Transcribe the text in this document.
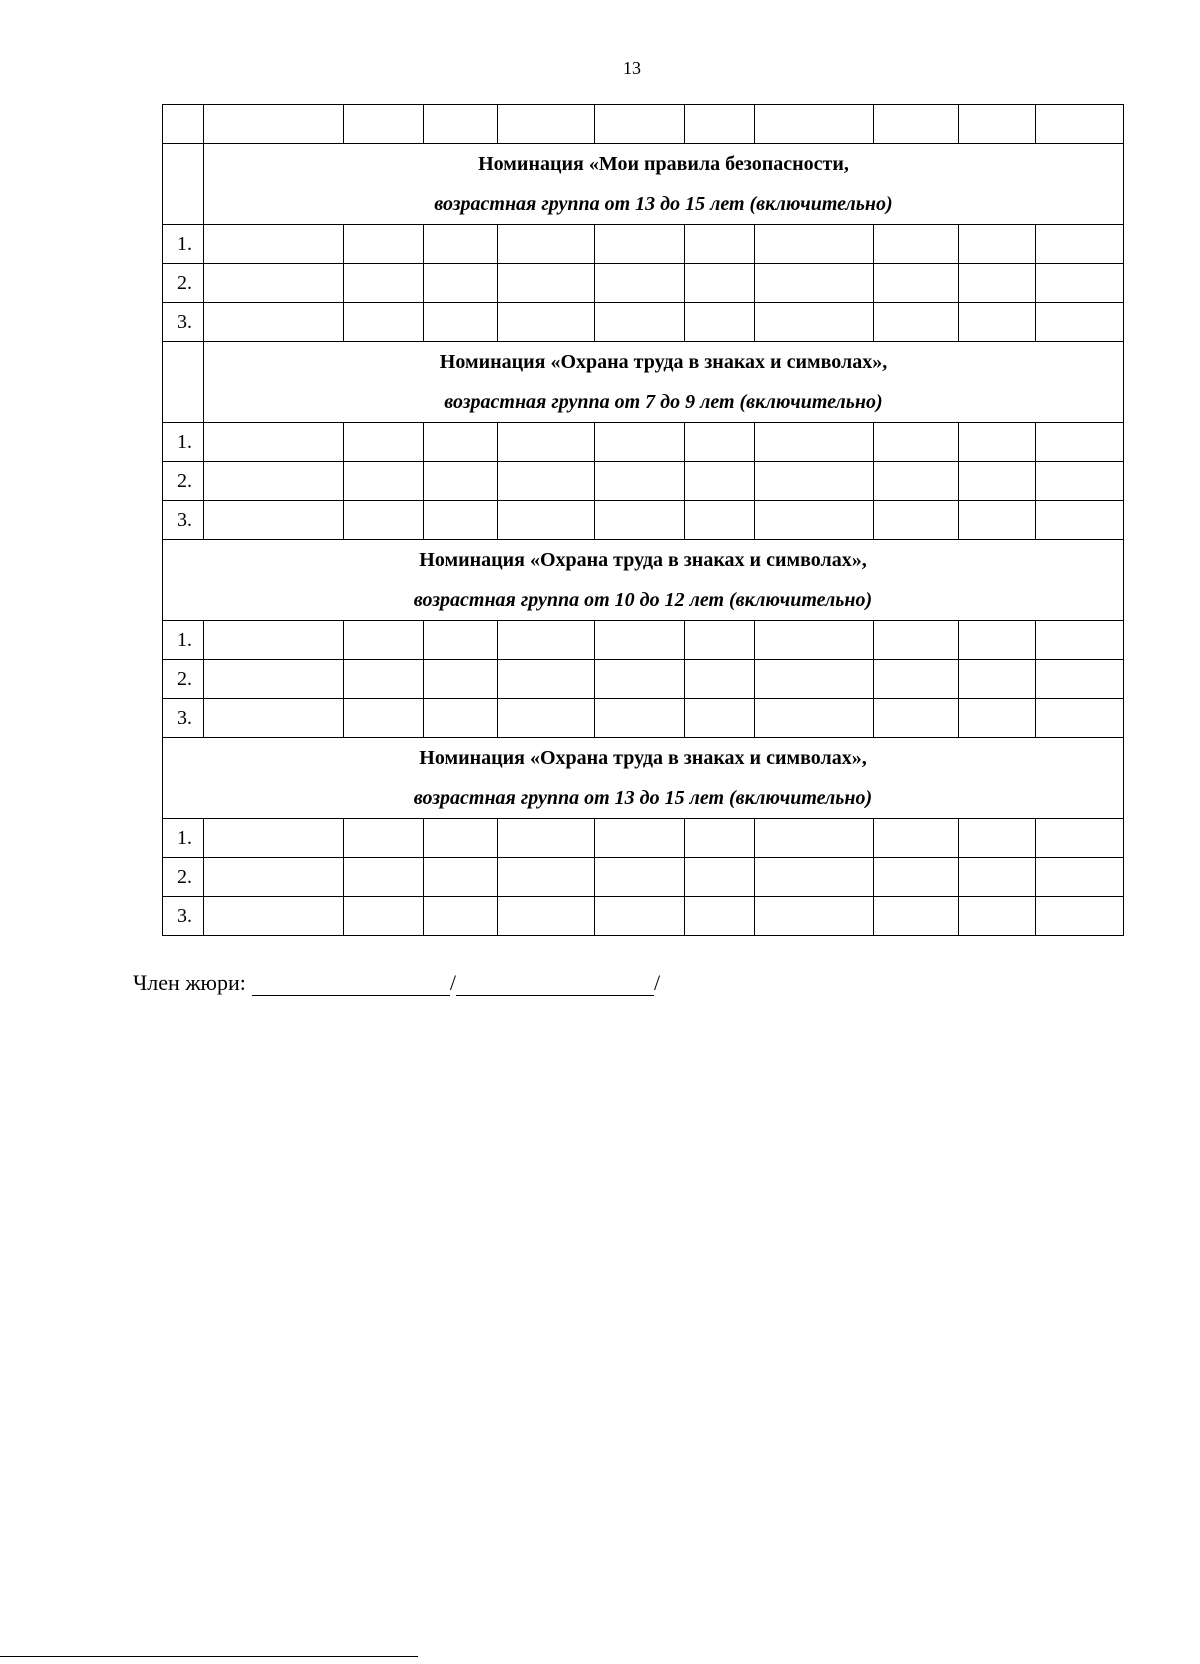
13

	Номинация «Мои правила безопасности,
возрастная группа от 13 до 15 лет (включительно)									

1.										
2.										
3.										

	Номинация «Охрана труда в знаках и символах»,
возрастная группа от 7 до 9 лет (включительно)									

1.										
2.										
3.										

Номинация «Охрана труда в знаках и символах»,
возрастная группа от 10 до 12 лет (включительно)										

1.										
2.										
3.										

Номинация «Охрана труда в знаках и символах»,
возрастная группа от 13 до 15 лет (включительно)										

1.										
2.										
3.										
Член жюри:	/	/
